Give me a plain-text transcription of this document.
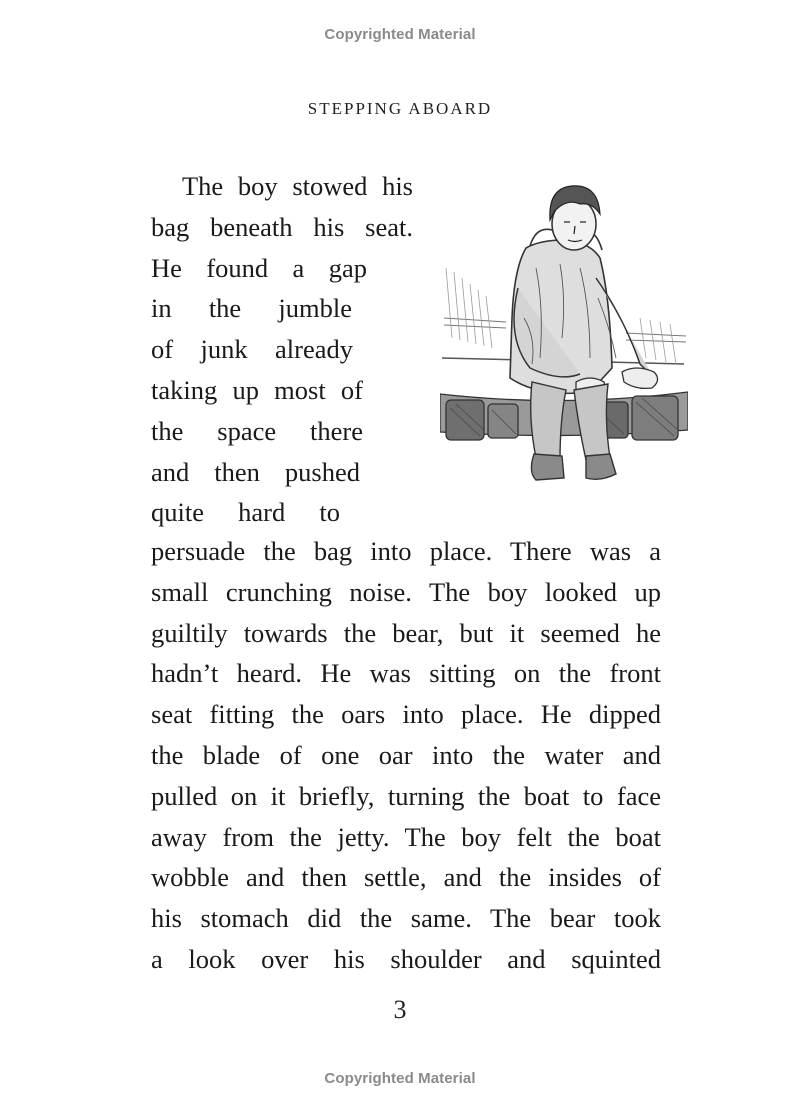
Copyrighted Material
STEPPING ABOARD
The boy stowed his
bag beneath his seat.
He found a gap
in the jumble
of junk already
taking up most of
the space there
and then pushed
quite hard to
persuade the bag into place. There was a
small crunching noise. The boy looked up
guiltily towards the bear, but it seemed he
hadn’t heard. He was sitting on the front
seat fitting the oars into place. He dipped
the blade of one oar into the water and
pulled on it briefly, turning the boat to face
away from the jetty. The boy felt the boat
wobble and then settle, and the insides of
his stomach did the same. The bear took
a look over his shoulder and squinted
3
Copyrighted Material
